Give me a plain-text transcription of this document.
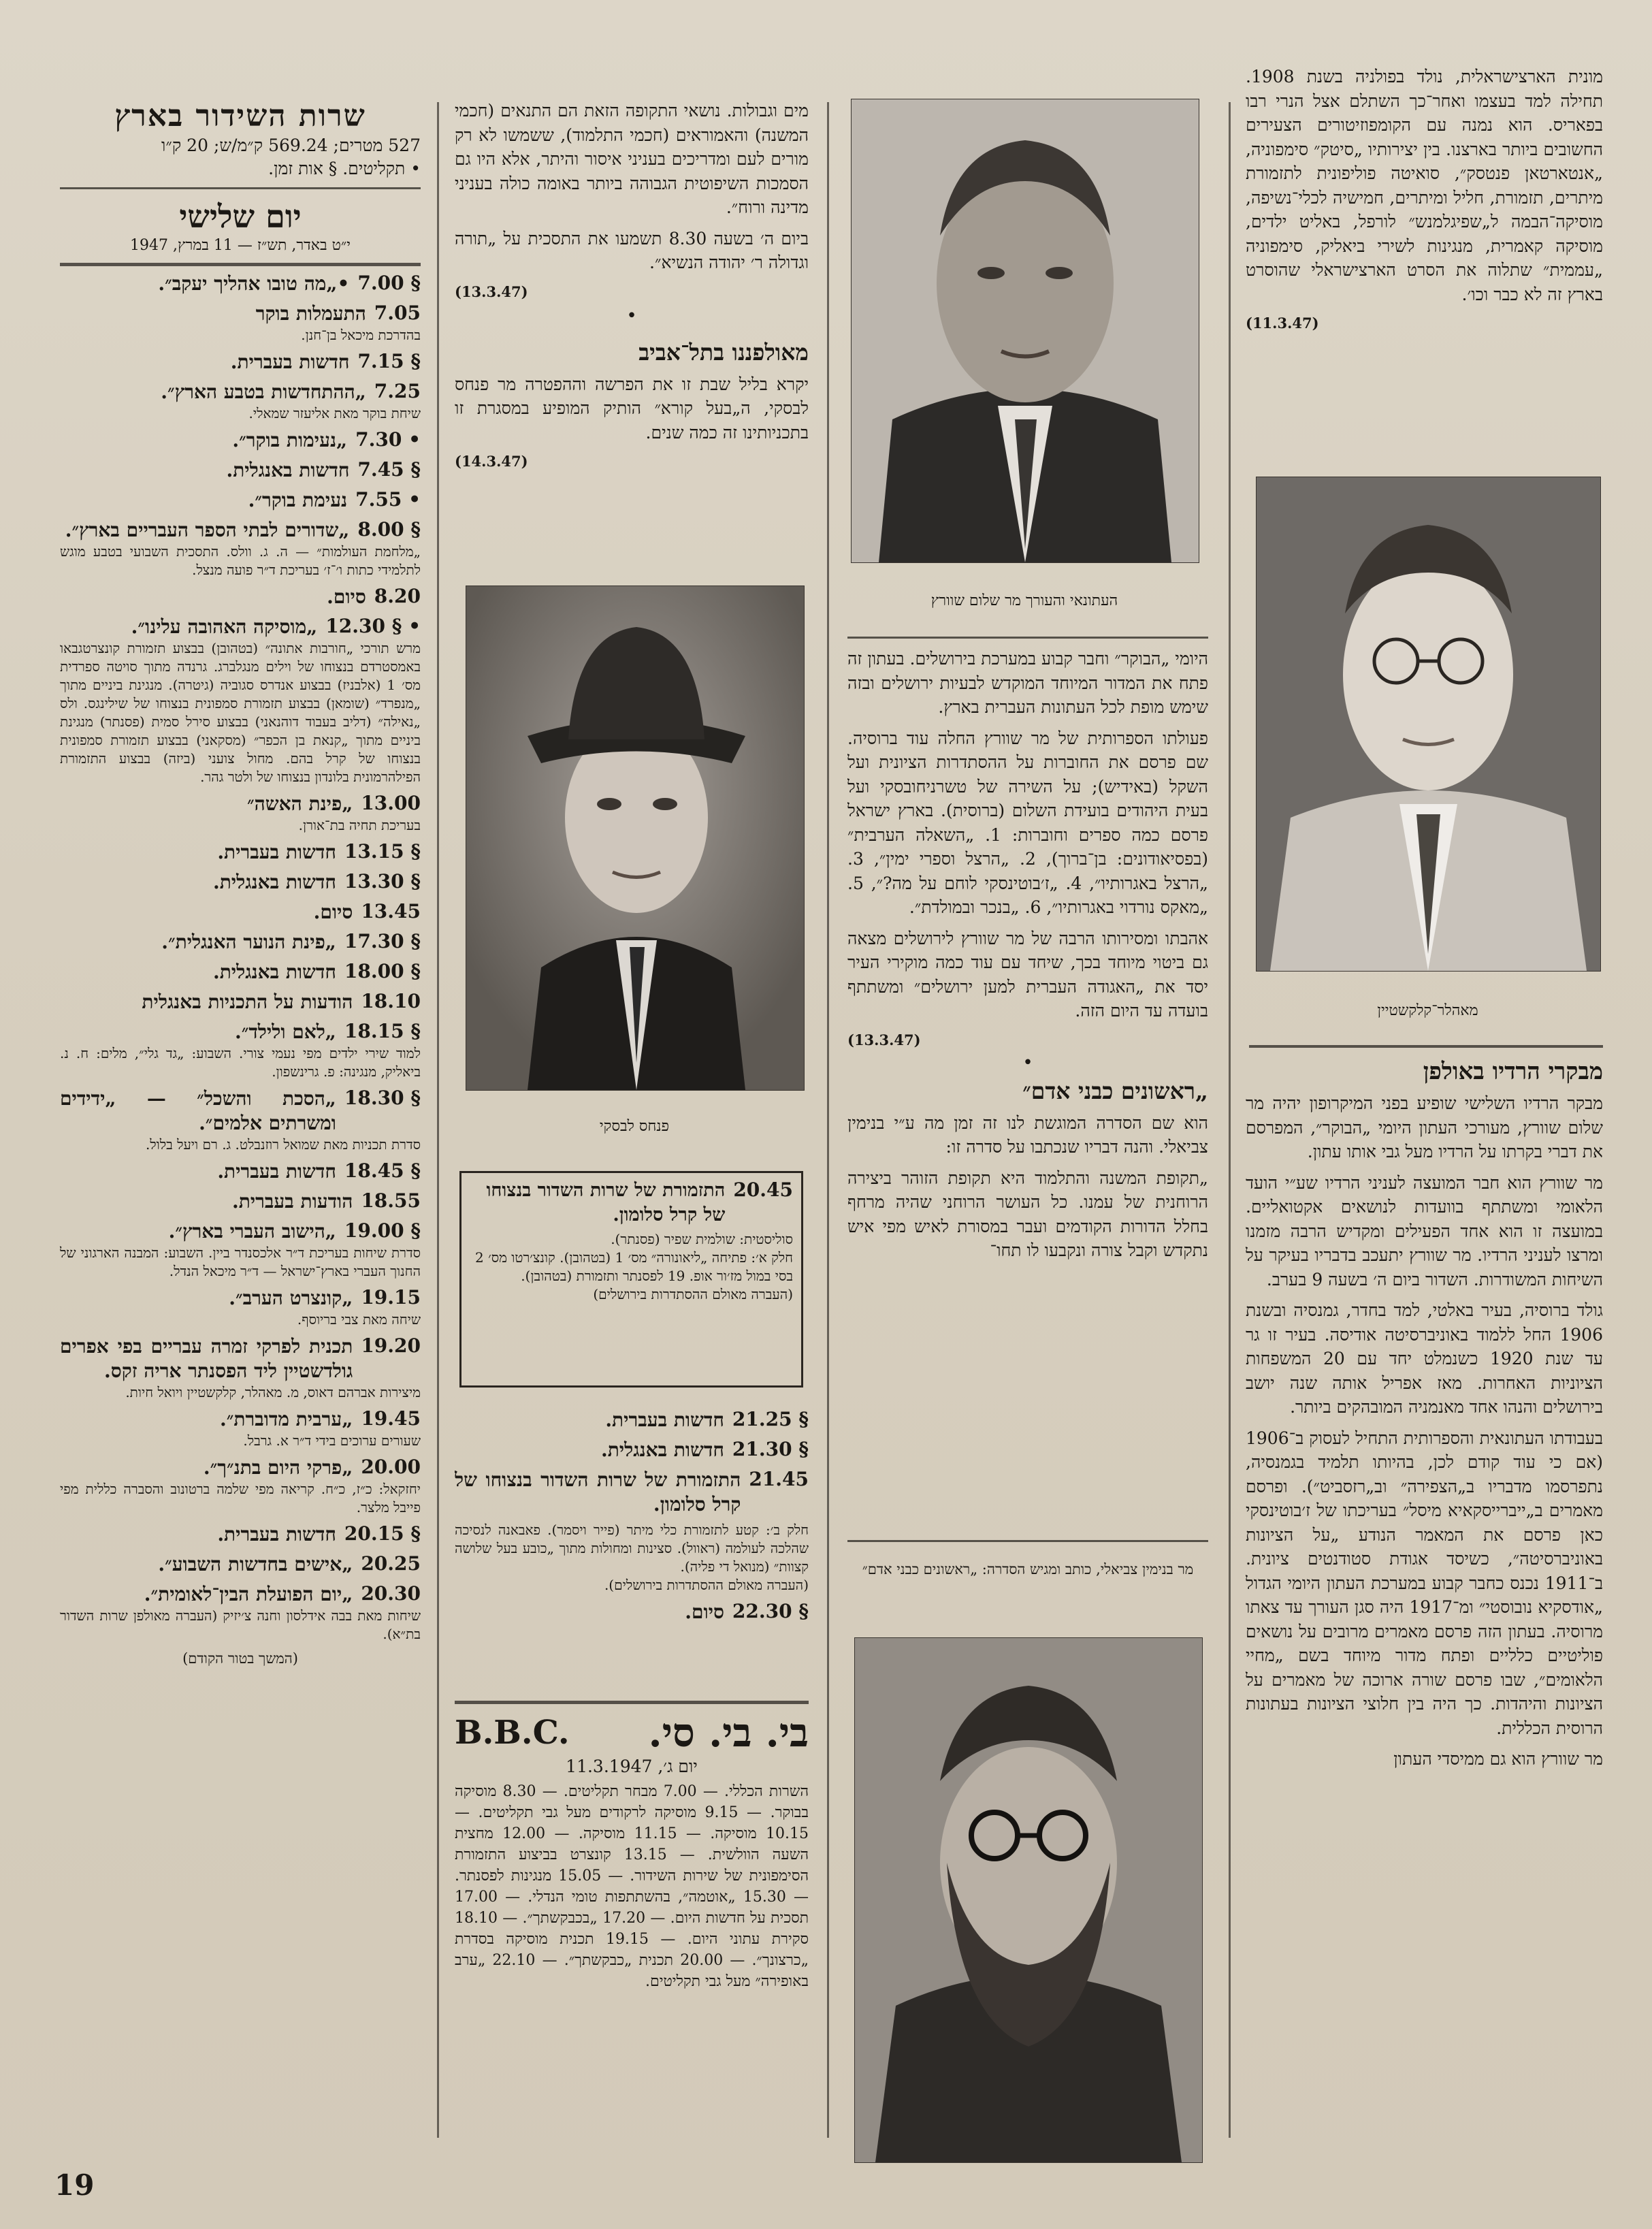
שרות השידור בארץ
527 מטרים; 569.24 ק״מ/ש; 20 ק״ו
• תקליטים. § אות זמן.
יום שלישי
י״ט באדר, תש״ז — 11 במרץ, 1947
7.00 §
•„מה טובו אהליך יעקב״.
7.05
התעמלות בוקר
בהדרכת מיכאל בן־חנן.
7.15 §
חדשות בעברית.
7.25
„ההתחדשות בטבע הארץ״.
שיחת בוקר מאת אליעזר שמאלי.
7.30 •
„נעימות בוקר״.
7.45 §
חדשות באנגלית.
7.55 •
נעימת בוקר״.
8.00 §
„שדורים לבתי הספר העבריים בארץ״.
„מלחמת העולמות״ — ה. ג. וולס. התסכית השבועי בטבע מוגש לתלמידי כתות ו׳־ז׳ בעריכת ד״ר פועה מנצל.
8.20
סיום.
12.30 § •
„מוסיקה האהובה עלינו״.
מרש תורכי „חורבות אתונה״ (בטהובן) בבצוע תזמורת קונצרטגבאו באמסטרדם בנצוחו של וילים מנגלברג. גרנדה מתוך סויטה ספרדית מס׳ 1 (אלבניז) בבצוע אנדרס סגוביה (גיטרה). מנגינת ביניים מתוך „מנפרד״ (שומאן) בבצוע תזמורת סמפונית בנצוחו של שילינגס. ולס „נאילה״ (דליב בעבוד דוהנאני) בבצוע סירל סמית (פסנתר) מנגינת ביניים מתוך „קנאת בן הכפר״ (מסקאני) בבצוע תזמורת סמפונית בנצוחו של קרל בהם. מחול צועני (ביזה) בבצוע התזמורת הפילהרמונית בלונדון בנצוחו של ולטר גהר.
13.00
„פינת האשה״
בעריכת תחיה בת־אורן.
13.15 §
חדשות בעברית.
13.30 §
חדשות באנגלית.
13.45
סיום.
17.30 §
„פינת הנוער האנגלית״.
18.00 §
חדשות באנגלית.
18.10
הודעות על התכניות באנגלית
18.15 §
„לאם ולילד״.
למוד שירי ילדים מפי נעמי צורי. השבוע: „גד גלי״, מלים: ח. נ. ביאליק, מנגינה: פ. גרינשפון.
18.30 §
„הסכת והשכל״ — „ידידים ומשרתים אלמים״.
סדרת תכניות מאת שמואל רוזנבלט. ג. רם ויעל בלול.
18.45 §
חדשות בעברית.
18.55
הודעות בעברית.
19.00 §
„הישוב העברי בארץ״.
סדרת שיחות בעריכת ד״ר אלכסנדר ביין. השבוע: המבנה הארגוני של החנוך העברי בארץ־ישראל — ד״ר מיכאל הנדל.
19.15
„קונצרט הערב״.
שיחה מאת צבי בריוסף.
19.20
תכנית לפרקי זמרה עבריים בפי אפרים גולדשטיין ליד הפסנתר אריה זקס.
מיצירות אברהם דאוס, מ. מאהלר, קלקשטיין ויואל חיות.
19.45
„ערבית מדוברת״.
שעורים ערוכים בידי ד״ר א. גרבל.
20.00
„פרקי היום בתנ״ך״.
יחזקאל: כ״ז, כ״ח. קריאה מפי שלמה ברטונוב והסברה כללית מפי פייבל מלצר.
20.15 §
חדשות בעברית.
20.25
„אישים בחדשות השבוע״.
20.30
„יום הפועלת הבין־לאומית״.
שיחות מאת בבה אידלסון וחנה צ׳יזיק (העברה מאולפן שרות השדור בת״א).
(המשך בטור הקודם)

מים וגבולות. נושאי התקופה הזאת הם התנאים (חכמי המשנה) והאמוראים (חכמי התלמוד), ששמשו לא רק מורים לעם ומדריכים בעניני איסור והיתר, אלא היו גם הסמכות השיפוטית הגבוהה ביותר באומה כולה בעניני מדינה ורוח״.

ביום ה׳ בשעה 8.30 תשמעו את התסכית על „תורה וגדולה ר׳ יהודה הנשיא״.

(13.3.47)
•
מאולפננו בתל־אביב

יקרא בליל שבת זו את הפרשה וההפטרה מר פנחס לבסקי, ה„בעל קורא״ הותיק המופיע במסגרת זו בתכניותינו זה כמה שנים.

(14.3.47)
פנחס לבסקי
20.45
התזמורת של שרות השדור בנצוחו של קרל סלומון.
סוליסטית: שולמית שפיר (פסנתר).
חלק א׳: פתיחה „ליאונורה״ מס׳ 1 (בטהובן). קונצ׳רטו מס׳ 2 בסי במול מז׳ור אופ. 19 לפסנתר ותזמורת (בטהובן).
(העברה מאולם ההסתדרות בירושלים)
21.25 §
חדשות בעברית.
21.30 §
חדשות באנגלית.
21.45
התזמורת של שרות השדור בנצוחו של קרל סלומון.
חלק ב׳: קטע לתזמורת כלי מיתר (פייר ויסמר). פאבאנה לנסיכה שהלכה לעולמה (ראוול). סצינות ומחולות מתוך „כובע בעל שלושה קצוות״ (מנואל די פליה).
(העברה מאולם ההסתדרות בירושלים).
22.30 §
סיום.
בי. בי. סי.
B.B.C.
יום ג׳, 11.3.1947

השרות הכללי. — 7.00 מבחר תקליטים. — 8.30 מוסיקה בבוקר. — 9.15 מוסיקה לרקודים מעל גבי תקליטים. — 10.15 מוסיקה. — 11.15 מוסיקה. — 12.00 מחצית השעה הוולשית. — 13.15 קונצרט בביצוע התזמורת הסימפונית של שירות השידור. — 15.05 מנגינות לפסנתר. — 15.30 „אוטמה״, בהשתתפות טומי הנדלי. — 17.00 תסכית על חדשות היום. — 17.20 „בכבקשתך״. — 18.10 סקירת עתוני היום. — 19.15 תכנית מוסיקה בסדרת „כרצונך״. — 20.00 תכנית „כבקשתך״. — 22.10 „ערב באופירה״ מעל גבי תקליטים.

העתונאי והעורך מר שלום שוורץ

היומי „הבוקר״ וחבר קבוע במערכת בירושלים. בעתון זה פתח את המדור המיוחד המוקדש לבעיות ירושלים ובזה שימש מופת לכל העתונות העברית בארץ.

פעולתו הספרותית של מר שוורץ החלה עוד ברוסיה. שם פרסם את החוברות על ההסתדרות הציונית ועל השקל (באידיש); על השירה של טשרניחובסקי ועל בעית היהודים בועידת השלום (ברוסית). בארץ ישראל פרסם כמה ספרים וחוברות: 1. „השאלה הערבית״ (בפסיאודונים: בן־ברוך), 2. „הרצל וספרי ימין״, 3. „הרצל באגרותיו״, 4. „ז׳בוטינסקי לוחם על מה?״, 5. „מאקס נורדוי באגרותיו״, 6. „בנכר ובמולדת״.

אהבתו ומסירותו הרבה של מר שוורץ לירושלים מצאה גם ביטוי מיוחד בכך, שיחד עם עוד כמה מוקירי העיר יסד את „האגודה העברית למען ירושלים״ ומשתתף בועדה עד היום הזה.

(13.3.47)
•
„ראשונים כבני אדם״

הוא שם הסדרה המוגשת לנו זה זמן מה ע״י בנימין צביאלי. והנה דבריו שנכתבו על סדרה זו:

„תקופת המשנה והתלמוד היא תקופת הזוהר ביצירה הרוחנית של עמנו. כל העושר הרוחני שהיה מרחף בחלל הדורות הקודמים ועבר במסורת לאיש מפי איש נתקדש וקבל צורה ונקבעו לו תחו־

מר בנימין צביאלי, כותב ומגיש הסדרה: „ראשונים כבני אדם״

מונית הארצישראלית, נולד בפולניה בשנת 1908. תחילה למד בעצמו ואחר־כך השתלם אצל הנרי רבו בפאריס. הוא נמנה עם הקומפוזיטורים הצעירים החשובים ביותר בארצנו. בין יצירותיו „סיטק״ סימפוניה, „אנטארטאן פנטסק״, סואיטה פוליפונית לתזמורת מיתרים, תזמורת, חליל ומיתרים, חמישיה לכלי־נשיפה, מוסיקה־הבמה ל„שפיגלמנש״ לורפל, באליט ילדים, מוסיקה קאמרית, מנגינות לשירי ביאליק, סימפוניה „עממית״ שתלוה את הסרט הארצישראלי שהוסרט בארץ זה לא כבר וכו׳.

(11.3.47)
מאהלר־קלקשטיין
מבקרי הרדיו באולפן

מבקר הרדיו השלישי שופיע בפני המיקרופון יהיה מר שלום שוורץ, מעורכי העתון היומי „הבוקר״, המפרסם את דברי בקרתו על הרדיו מעל גבי אותו עתון.

מר שוורץ הוא חבר המועצה לעניני הרדיו שע״י הועד הלאומי ומשתתף בוועדות לנושאים אקטואליים. במועצה זו הוא אחד הפעילים ומקדיש הרבה מזמנו ומרצו לעניני הרדיו. מר שוורץ יתעכב בדבריו בעיקר על השיחות המשודרות. השדור ביום ה׳ בשעה 9 בערב.

גולד ברוסיה, בעיר באלטי, למד בחדר, גמנסיה ובשנת 1906 החל ללמוד באוניברסיטה אודיסה. בעיר זו גר עד שנת 1920 כשנמלט יחד עם 20 המשפחות הציוניות האחרות. מאז אפריל אותה שנה יושב בירושלים והנהו אחד מאנמניה המובהקים ביותר.

בעבודתו העתונאית והספרותית התחיל לעסוק ב־1906 (אם כי עוד קודם לכן, בהיותו תלמיד בגמנסיה, נתפרסמו מדבריו ב„הצפירה״ וב„רזסביט״). ופרסם מאמרים ב„ייברייסקאיא מיסל״ בעריכתו של ז׳בוטינסקי כאן פרסם את המאמר הנודע „על הציונות באוניברסיטה״, כשיסד אגודת סטודנטים ציונית. ב־1911 נכנס כחבר קבוע במערכת העתון היומי הגדול „אודסקיא נובוסטי״ ומ־1917 היה סגן העורך עד צאתו מרוסיה. בעתון הזה פרסם מאמרים מרובים על נושאים פוליטיים כלליים ופתח מדור מיוחד בשם „מחיי הלאומים״, שבו פרסם שורה ארוכה של מאמרים על הציונות והיהדות. כך היה בין חלוצי הציונות בעתונות הרוסית הכללית.

מר שוורץ הוא גם ממיסדי העתון

19
